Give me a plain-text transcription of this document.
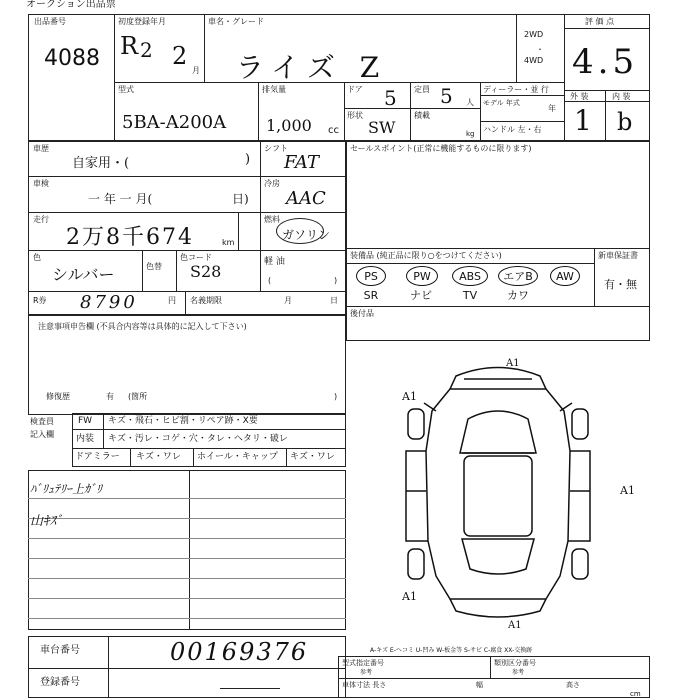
オークション出品票
出品番号
4088
初度登録年月
R 2 2
月
車名・グレード
ライズ Z
2WD
・
4WD
評 価 点
4.5
外 装	内 装
1 b
型式
5BA-A200A
排気量
1,000 cc
ドア 5 定員 5 人
形状
SW
積載
kg
ディーラー・並 行
モデル 年式
年
ハンドル 左・右
車歴
自家用・(	)
シフト
FAT
車検
一 年 一 月(	日)
冷房
AAC
走行
2万8千674	km
燃料
ガソリン
色
シルバー	色替
色コード
S28	軽 油
(	)
R券 8790	円 名義期限	月	日
セールスポイント(正常に機能するものに限ります)
装備品 (純正品に限り○をつけてください)	新車保証書
有・無
PS	PW	ABS	エアB	AW
SR	ナビ	TV	カワ
後付品
注意事項申告欄 (不具合内容等は具体的に記入して下さい)
修復歴	有 (箇所	)
検査員
記入欄
FW キズ・飛石・ヒビ割・リペア跡・X要
内装 キズ・汚レ・コゲ・穴・タレ・ヘタリ・破レ
ドアミラー キズ・ワレ ホイール・キャップ キズ・ワレ
ﾊﾞﾘｭﾃﾘｰ上ｶﾞﾘ
山ｷｽﾞ
A1
A1
A1
A1
A1
A-キズ E-ヘコミ U-凹み W-板金等 S-サビ C-腐食 XX-交換跡
車台番号	00169376
登録番号
型式指定番号
参考
類別区分番号
参考
車体寸法 長さ	幅	高さ
cm
